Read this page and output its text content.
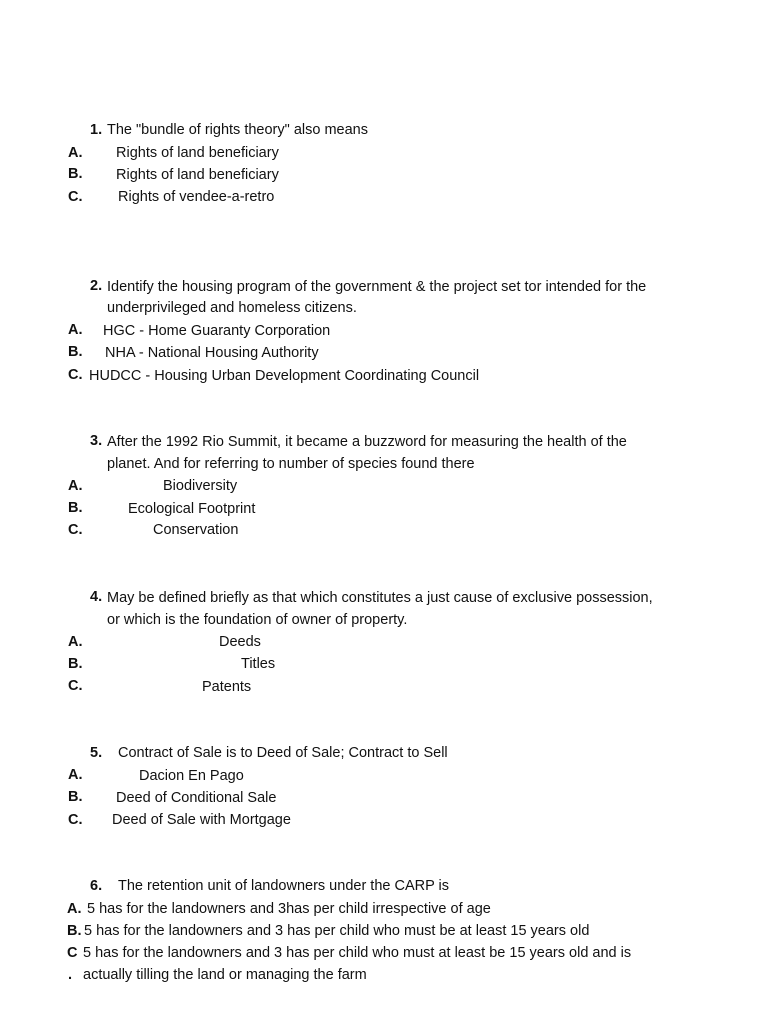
1. The "bundle of rights theory" also means
A. Rights of land beneficiary
B. Rights of land beneficiary
C. Rights of vendee-a-retro
2. Identify the housing program of the government & the project set tor intended for the
underprivileged and homeless citizens.
A. HGC - Home Guaranty Corporation
B. NHA - National Housing Authority
C. HUDCC - Housing Urban Development Coordinating Council
3. After the 1992 Rio Summit, it became a buzzword for measuring the health of the
planet. And for referring to number of species found there
A.	Biodiversity
B.	Ecological Footprint
C.	Conservation
4. May be defined briefly as that which constitutes a just cause of exclusive possession,
or which is the foundation of owner of property.
A.	Deeds
B.	Titles
C.	Patents
5. Contract of Sale is to Deed of Sale; Contract to Sell
A.	Dacion En Pago
B. Deed of Conditional Sale
C. Deed of Sale with Mortgage
6. The retention unit of landowners under the CARP is
A. 5 has for the landowners and 3has per child irrespective of age
B. 5 has for the landowners and 3 has per child who must be at least 15 years old
C 5 has for the landowners and 3 has per child who must at least be 15 years old and is
. actually tilling the land or managing the farm
